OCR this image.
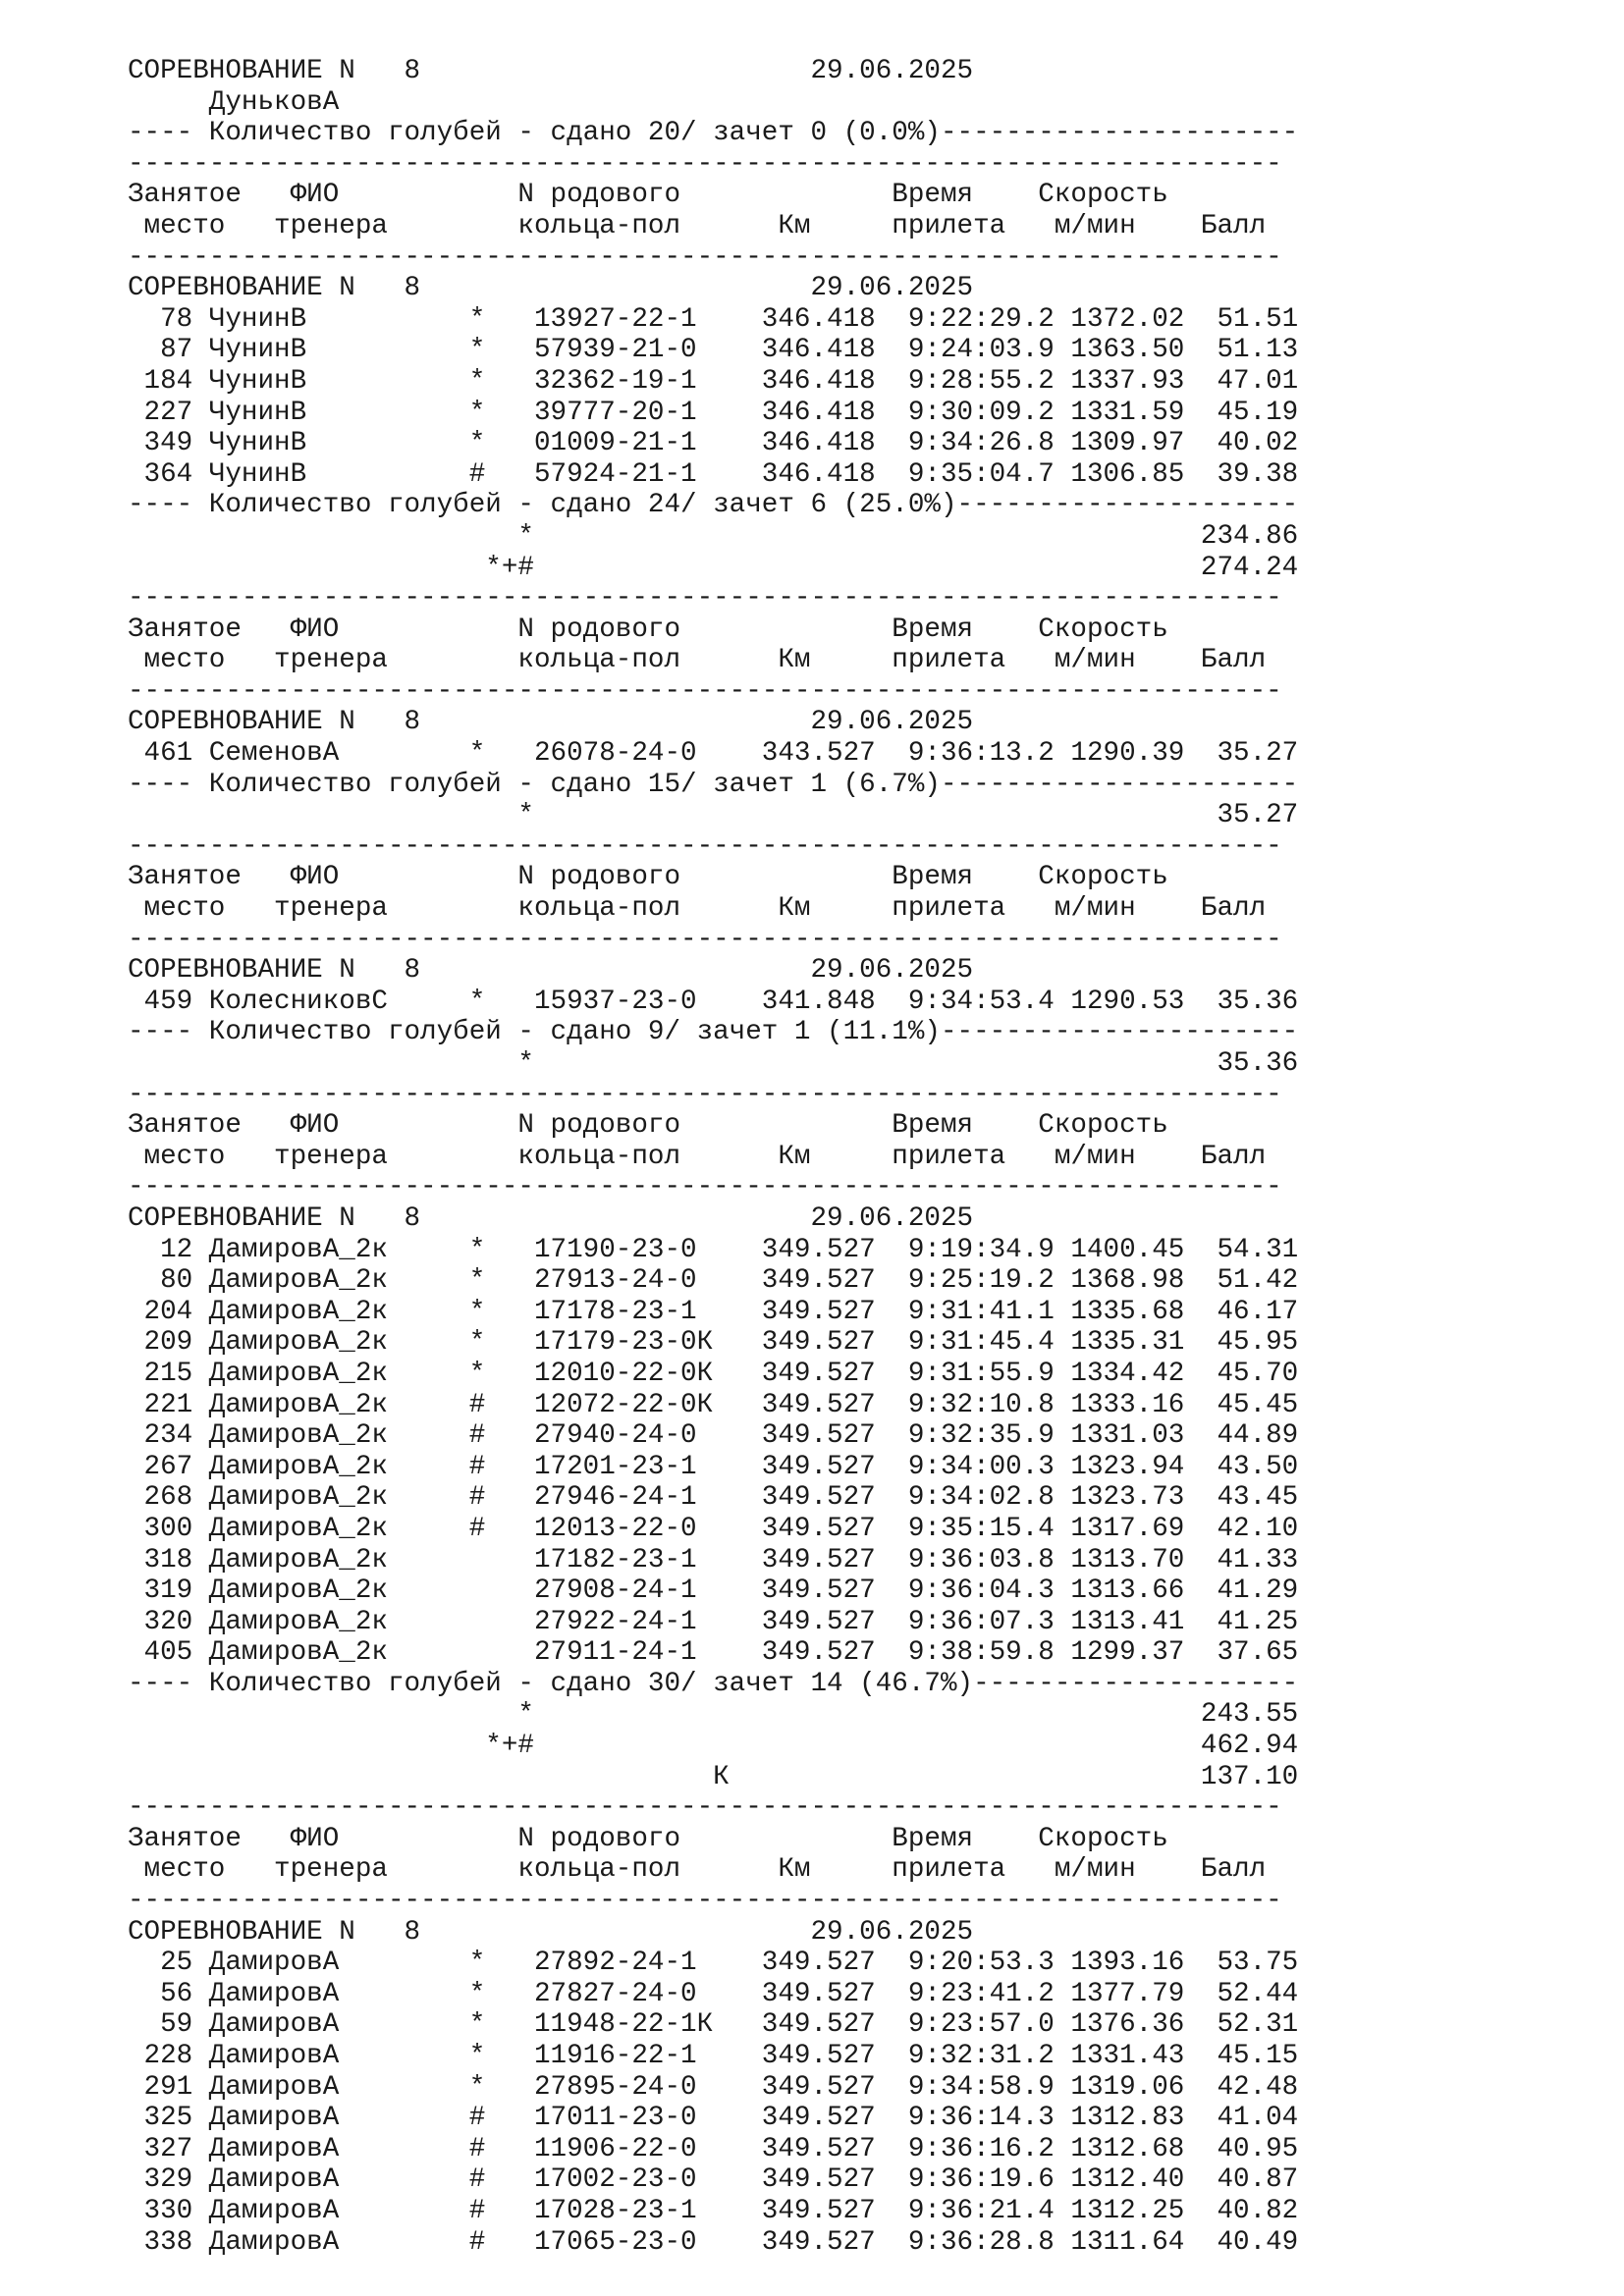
СОРЕВНОВАНИЕ N   8                        29.06.2025
ДуньковА
---- Количество голубей - сдано 20/ зачет 0 (0.0%)----------------------
-----------------------------------------------------------------------
Занятое   ФИО           N родового             Время    Скорость
место   тренера        кольца-пол      Км     прилета   м/мин    Балл
-----------------------------------------------------------------------
СОРЕВНОВАНИЕ N   8                        29.06.2025
78 ЧунинВ          *   13927-22-1    346.418  9:22:29.2 1372.02  51.51
87 ЧунинВ          *   57939-21-0    346.418  9:24:03.9 1363.50  51.13
184 ЧунинВ          *   32362-19-1    346.418  9:28:55.2 1337.93  47.01
227 ЧунинВ          *   39777-20-1    346.418  9:30:09.2 1331.59  45.19
349 ЧунинВ          *   01009-21-1    346.418  9:34:26.8 1309.97  40.02
364 ЧунинВ          #   57924-21-1    346.418  9:35:04.7 1306.85  39.38
---- Количество голубей - сдано 24/ зачет 6 (25.0%)---------------------
*                                         234.86
*+#                                         274.24
-----------------------------------------------------------------------
Занятое   ФИО           N родового             Время    Скорость
место   тренера        кольца-пол      Км     прилета   м/мин    Балл
-----------------------------------------------------------------------
СОРЕВНОВАНИЕ N   8                        29.06.2025
461 СеменовА        *   26078-24-0    343.527  9:36:13.2 1290.39  35.27
---- Количество голубей - сдано 15/ зачет 1 (6.7%)----------------------
*                                          35.27
-----------------------------------------------------------------------
Занятое   ФИО           N родового             Время    Скорость
место   тренера        кольца-пол      Км     прилета   м/мин    Балл
-----------------------------------------------------------------------
СОРЕВНОВАНИЕ N   8                        29.06.2025
459 КолесниковС     *   15937-23-0    341.848  9:34:53.4 1290.53  35.36
---- Количество голубей - сдано 9/ зачет 1 (11.1%)----------------------
*                                          35.36
-----------------------------------------------------------------------
Занятое   ФИО           N родового             Время    Скорость
место   тренера        кольца-пол      Км     прилета   м/мин    Балл
-----------------------------------------------------------------------
СОРЕВНОВАНИЕ N   8                        29.06.2025
12 ДамировА_2к     *   17190-23-0    349.527  9:19:34.9 1400.45  54.31
80 ДамировА_2к     *   27913-24-0    349.527  9:25:19.2 1368.98  51.42
204 ДамировА_2к     *   17178-23-1    349.527  9:31:41.1 1335.68  46.17
209 ДамировА_2к     *   17179-23-0К   349.527  9:31:45.4 1335.31  45.95
215 ДамировА_2к     *   12010-22-0К   349.527  9:31:55.9 1334.42  45.70
221 ДамировА_2к     #   12072-22-0К   349.527  9:32:10.8 1333.16  45.45
234 ДамировА_2к     #   27940-24-0    349.527  9:32:35.9 1331.03  44.89
267 ДамировА_2к     #   17201-23-1    349.527  9:34:00.3 1323.94  43.50
268 ДамировА_2к     #   27946-24-1    349.527  9:34:02.8 1323.73  43.45
300 ДамировА_2к     #   12013-22-0    349.527  9:35:15.4 1317.69  42.10
318 ДамировА_2к         17182-23-1    349.527  9:36:03.8 1313.70  41.33
319 ДамировА_2к         27908-24-1    349.527  9:36:04.3 1313.66  41.29
320 ДамировА_2к         27922-24-1    349.527  9:36:07.3 1313.41  41.25
405 ДамировА_2к         27911-24-1    349.527  9:38:59.8 1299.37  37.65
---- Количество голубей - сдано 30/ зачет 14 (46.7%)--------------------
*                                         243.55
*+#                                         462.94
К                             137.10
-----------------------------------------------------------------------
Занятое   ФИО           N родового             Время    Скорость
место   тренера        кольца-пол      Км     прилета   м/мин    Балл
-----------------------------------------------------------------------
СОРЕВНОВАНИЕ N   8                        29.06.2025
25 ДамировА        *   27892-24-1    349.527  9:20:53.3 1393.16  53.75
56 ДамировА        *   27827-24-0    349.527  9:23:41.2 1377.79  52.44
59 ДамировА        *   11948-22-1К   349.527  9:23:57.0 1376.36  52.31
228 ДамировА        *   11916-22-1    349.527  9:32:31.2 1331.43  45.15
291 ДамировА        *   27895-24-0    349.527  9:34:58.9 1319.06  42.48
325 ДамировА        #   17011-23-0    349.527  9:36:14.3 1312.83  41.04
327 ДамировА        #   11906-22-0    349.527  9:36:16.2 1312.68  40.95
329 ДамировА        #   17002-23-0    349.527  9:36:19.6 1312.40  40.87
330 ДамировА        #   17028-23-1    349.527  9:36:21.4 1312.25  40.82
338 ДамировА        #   17065-23-0    349.527  9:36:28.8 1311.64  40.49
